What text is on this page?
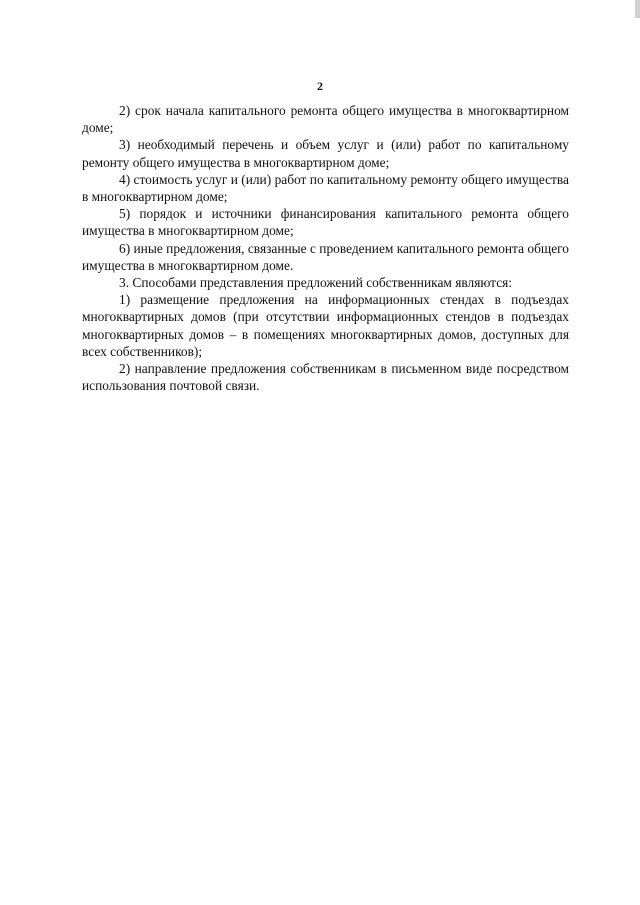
2

2) срок начала капитального ремонта общего имущества в многоквартирном доме;

3) необходимый перечень и объем услуг и (или) работ по капитальному ремонту общего имущества в многоквартирном доме;

4) стоимость услуг и (или) работ по капитальному ремонту общего имущества в многоквартирном доме;

5) порядок и источники финансирования капитального ремонта общего имущества в многоквартирном доме;

6) иные предложения, связанные с проведением капитального ремонта общего имущества в многоквартирном доме.

3. Способами представления предложений собственникам являются:

1) размещение предложения на информационных стендах в подъездах многоквартирных домов (при отсутствии информационных стендов в подъездах многоквартирных домов – в помещениях многоквартирных домов, доступных для всех собственников);

2) направление предложения собственникам в письменном виде посредством использования почтовой связи.
